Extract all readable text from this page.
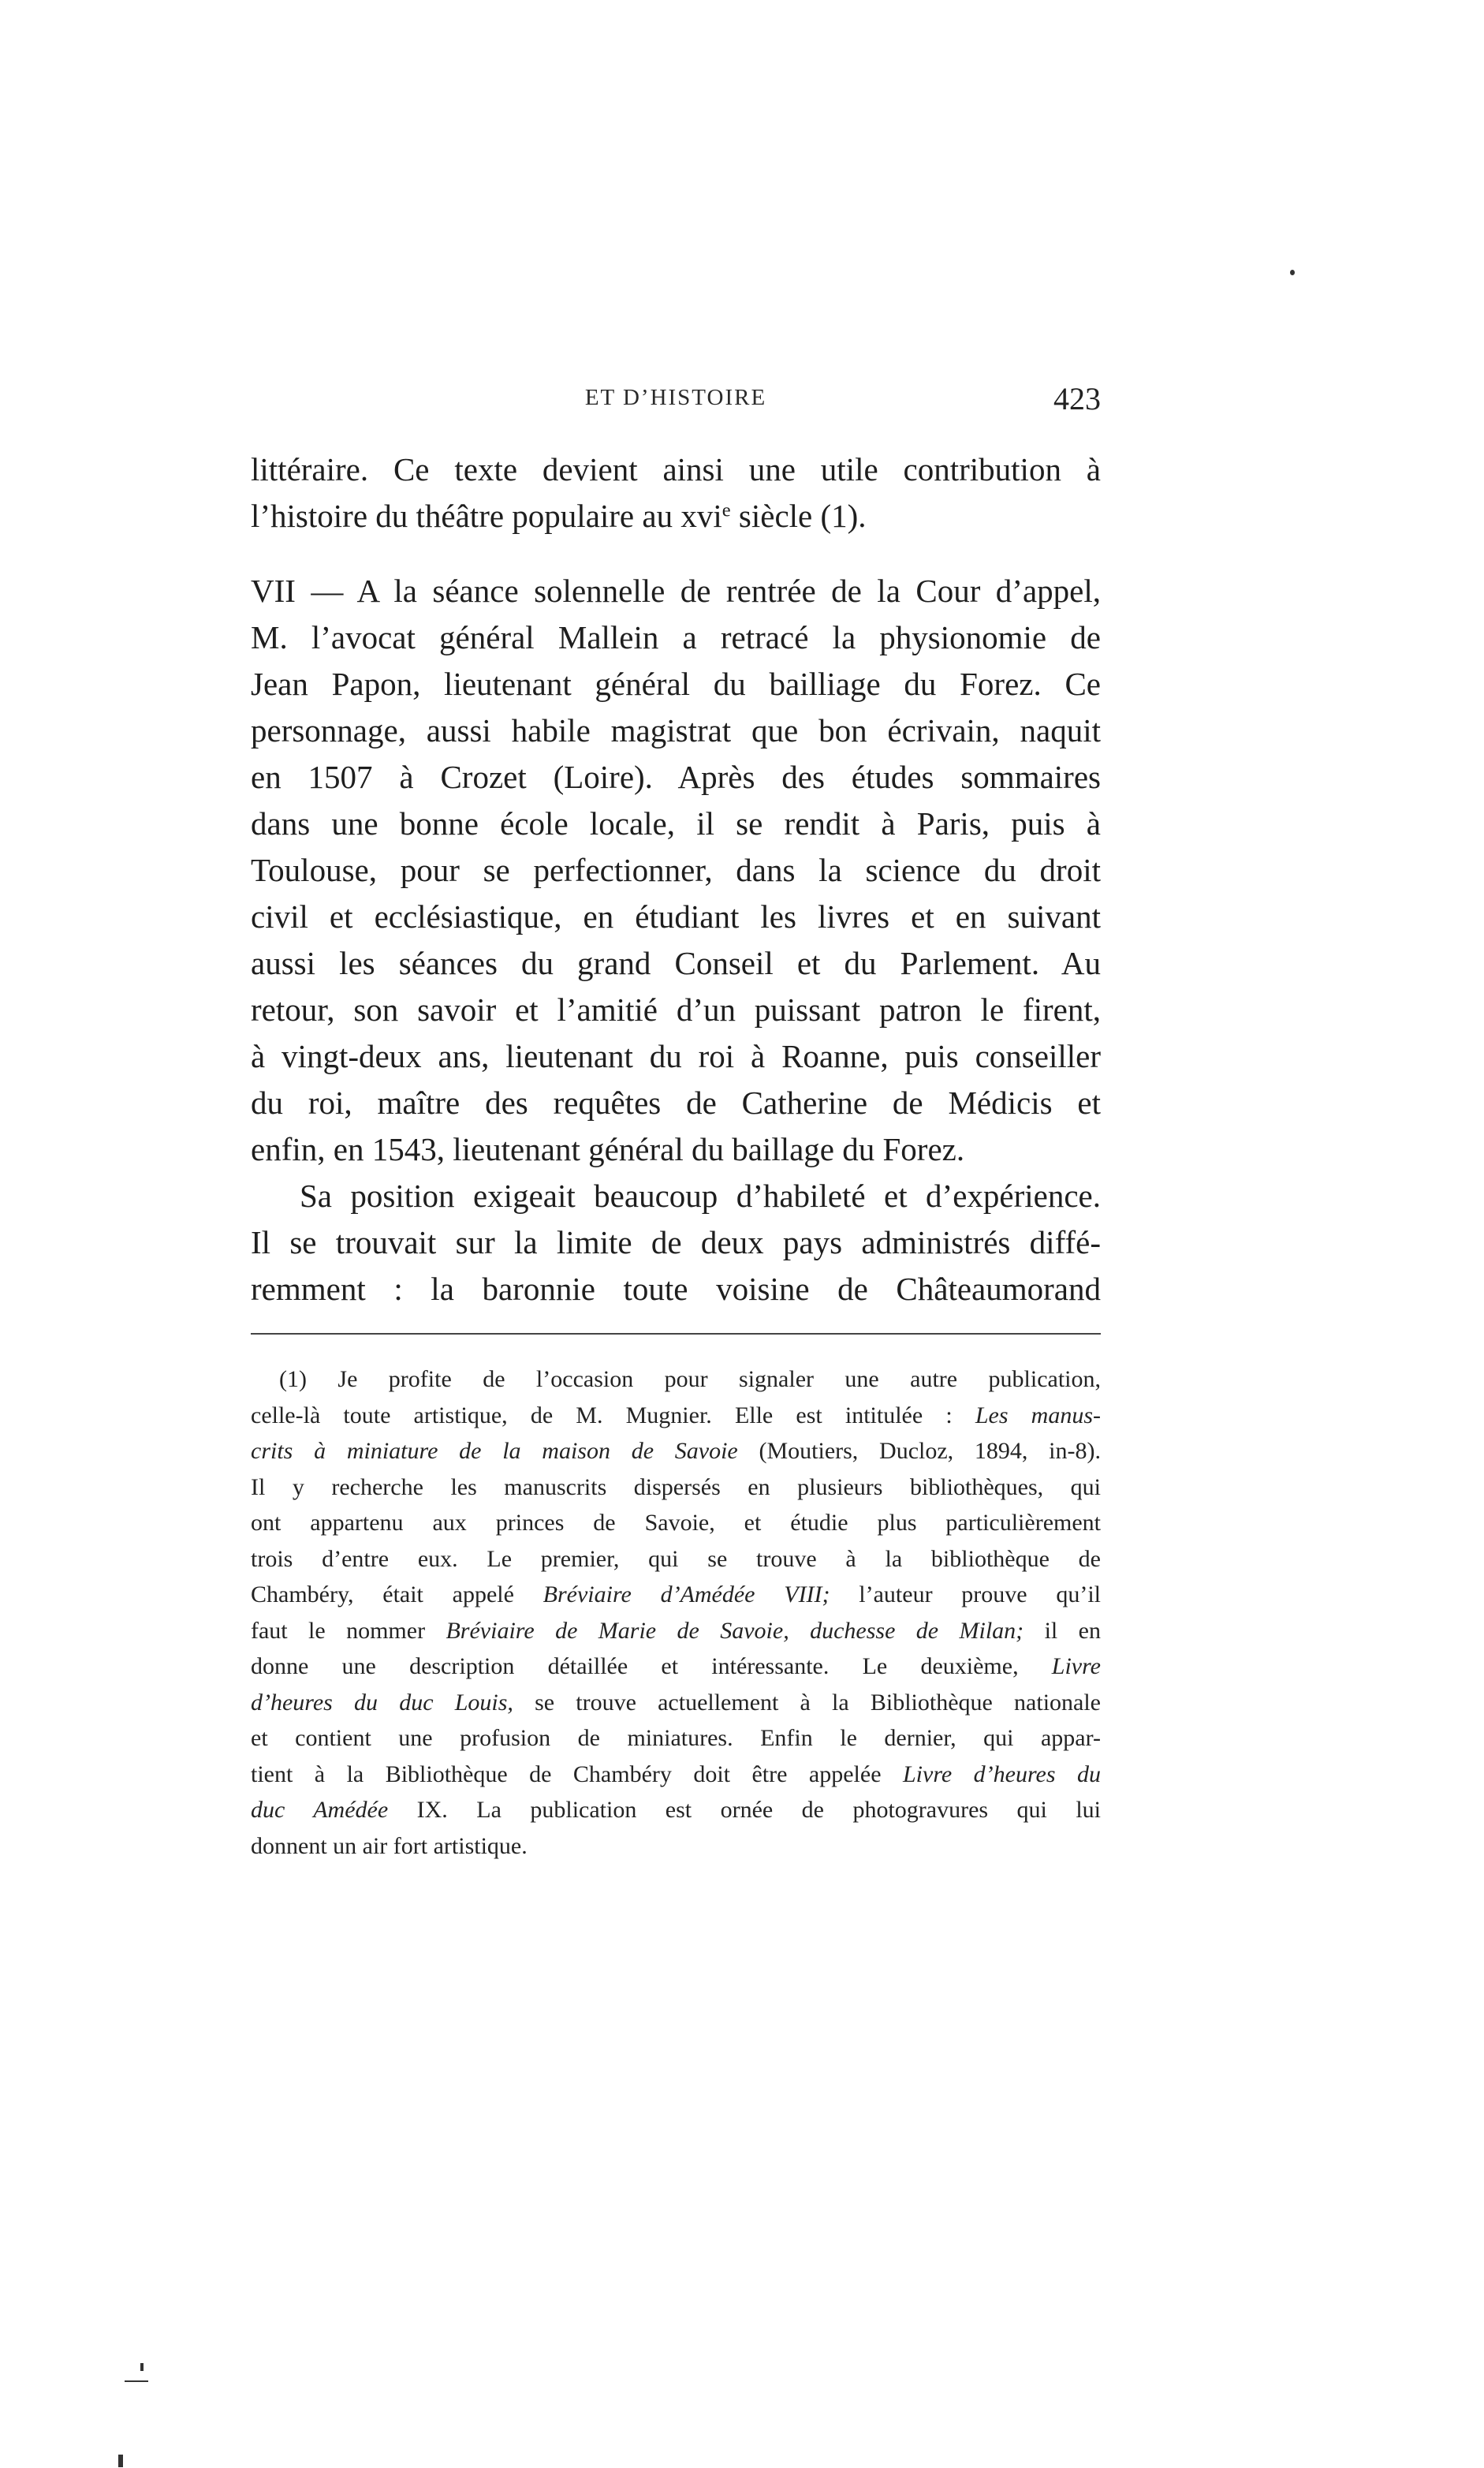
ET D’HISTOIRE	423
littéraire. Ce texte devient ainsi une utile contribution à
l’histoire du théâtre populaire au xvi$^e$ siècle (1).
VII — A la séance solennelle de rentrée de la Cour d’appel,
M. l’avocat général Mallein a retracé la physionomie de
Jean Papon, lieutenant général du bailliage du Forez. Ce
personnage, aussi habile magistrat que bon écrivain, naquit
en 1507 à Crozet (Loire). Après des études sommaires
dans une bonne école locale, il se rendit à Paris, puis à
Toulouse, pour se perfectionner, dans la science du droit
civil et ecclésiastique, en étudiant les livres et en suivant
aussi les séances du grand Conseil et du Parlement. Au
retour, son savoir et l’amitié d’un puissant patron le firent,
à vingt-deux ans, lieutenant du roi à Roanne, puis conseiller
du roi, maître des requêtes de Catherine de Médicis et
enfin, en 1543, lieutenant général du baillage du Forez.
Sa position exigeait beaucoup d’habileté et d’expérience.
Il se trouvait sur la limite de deux pays administrés diffé-
remment : la baronnie toute voisine de Châteaumorand
(1) Je profite de l’occasion pour signaler une autre publication,
celle-là toute artistique, de M. Mugnier. Elle est intitulée : Les manus-
crits à miniature de la maison de Savoie (Moutiers, Ducloz, 1894, in-8).
Il y recherche les manuscrits dispersés en plusieurs bibliothèques, qui
ont appartenu aux princes de Savoie, et étudie plus particulièrement
trois d’entre eux. Le premier, qui se trouve à la bibliothèque de
Chambéry, était appelé Bréviaire d’Amédée VIII; l’auteur prouve qu’il
faut le nommer Bréviaire de Marie de Savoie, duchesse de Milan; il en
donne une description détaillée et intéressante. Le deuxième, Livre
d’heures du duc Louis, se trouve actuellement à la Bibliothèque nationale
et contient une profusion de miniatures. Enfin le dernier, qui appar-
tient à la Bibliothèque de Chambéry doit être appelée Livre d’heures du
duc Amédée IX. La publication est ornée de photogravures qui lui
donnent un air fort artistique.
